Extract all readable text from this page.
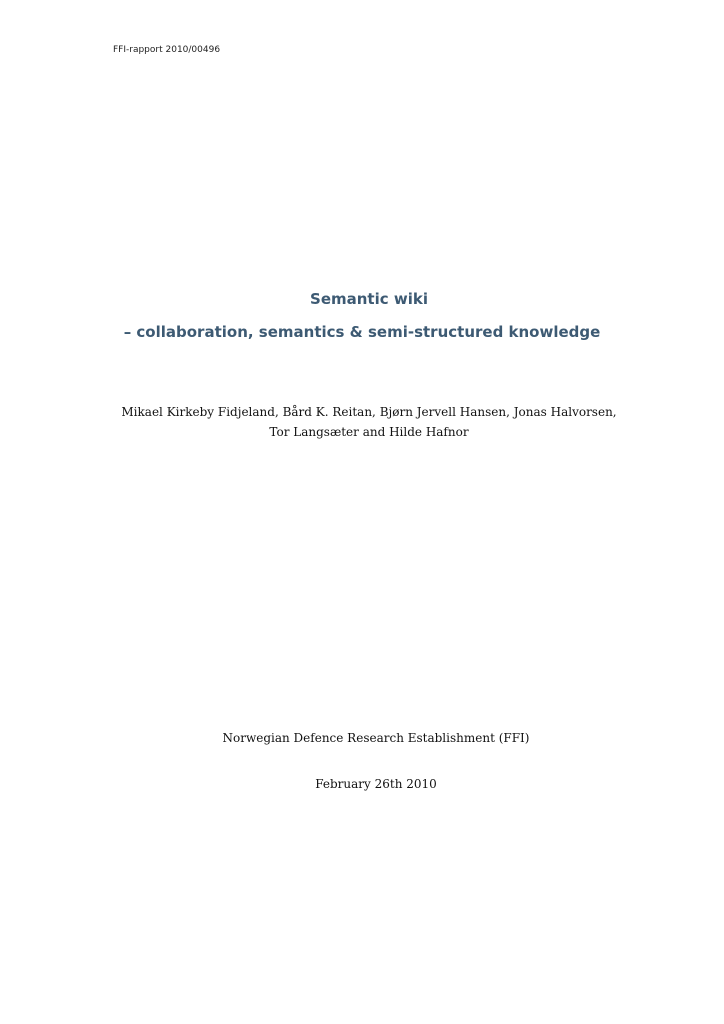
FFI-rapport 2010/00496
Semantic wiki
– collaboration, semantics & semi-structured knowledge
Mikael Kirkeby Fidjeland, Bård K. Reitan, Bjørn Jervell Hansen, Jonas Halvorsen,
Tor Langsæter and Hilde Hafnor
Norwegian Defence Research Establishment (FFI)
February 26th 2010
